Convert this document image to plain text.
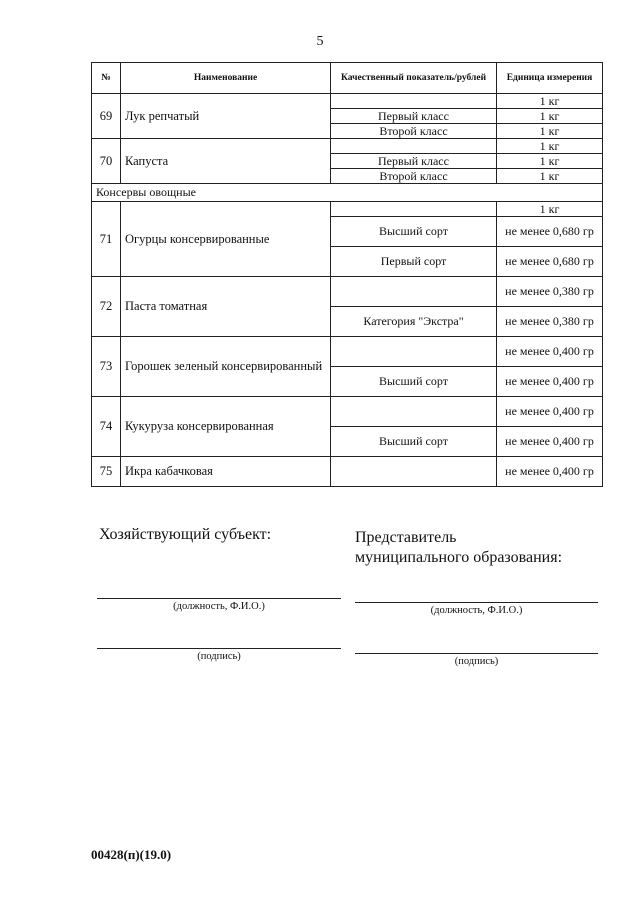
5
№	Наименование	Качественный показатель/рублей	Единица измерения
69	Лук репчатый		1 кг
		Первый класс	1 кг
		Второй класс	1 кг
70	Капуста		1 кг
		Первый класс	1 кг
		Второй класс	1 кг
Консервы овощные			
71	Огурцы консервированные		1 кг
		Высший сорт	не менее 0,680 гр
		Первый сорт	не менее 0,680 гр
72	Паста томатная		не менее 0,380 гр
		Категория "Экстра"	не менее 0,380 гр
73	Горошек зеленый консервированный		не менее 0,400 гр
		Высший сорт	не менее 0,400 гр
74	Кукуруза консервированная		не менее 0,400 гр
		Высший сорт	не менее 0,400 гр
75	Икра кабачковая		не менее 0,400 гр
Хозяйствующий субъект:	Представитель
муниципального образования:
(должность, Ф.И.О.)	(должность, Ф.И.О.)
(подпись)	(подпись)
00428(п)(19.0)
